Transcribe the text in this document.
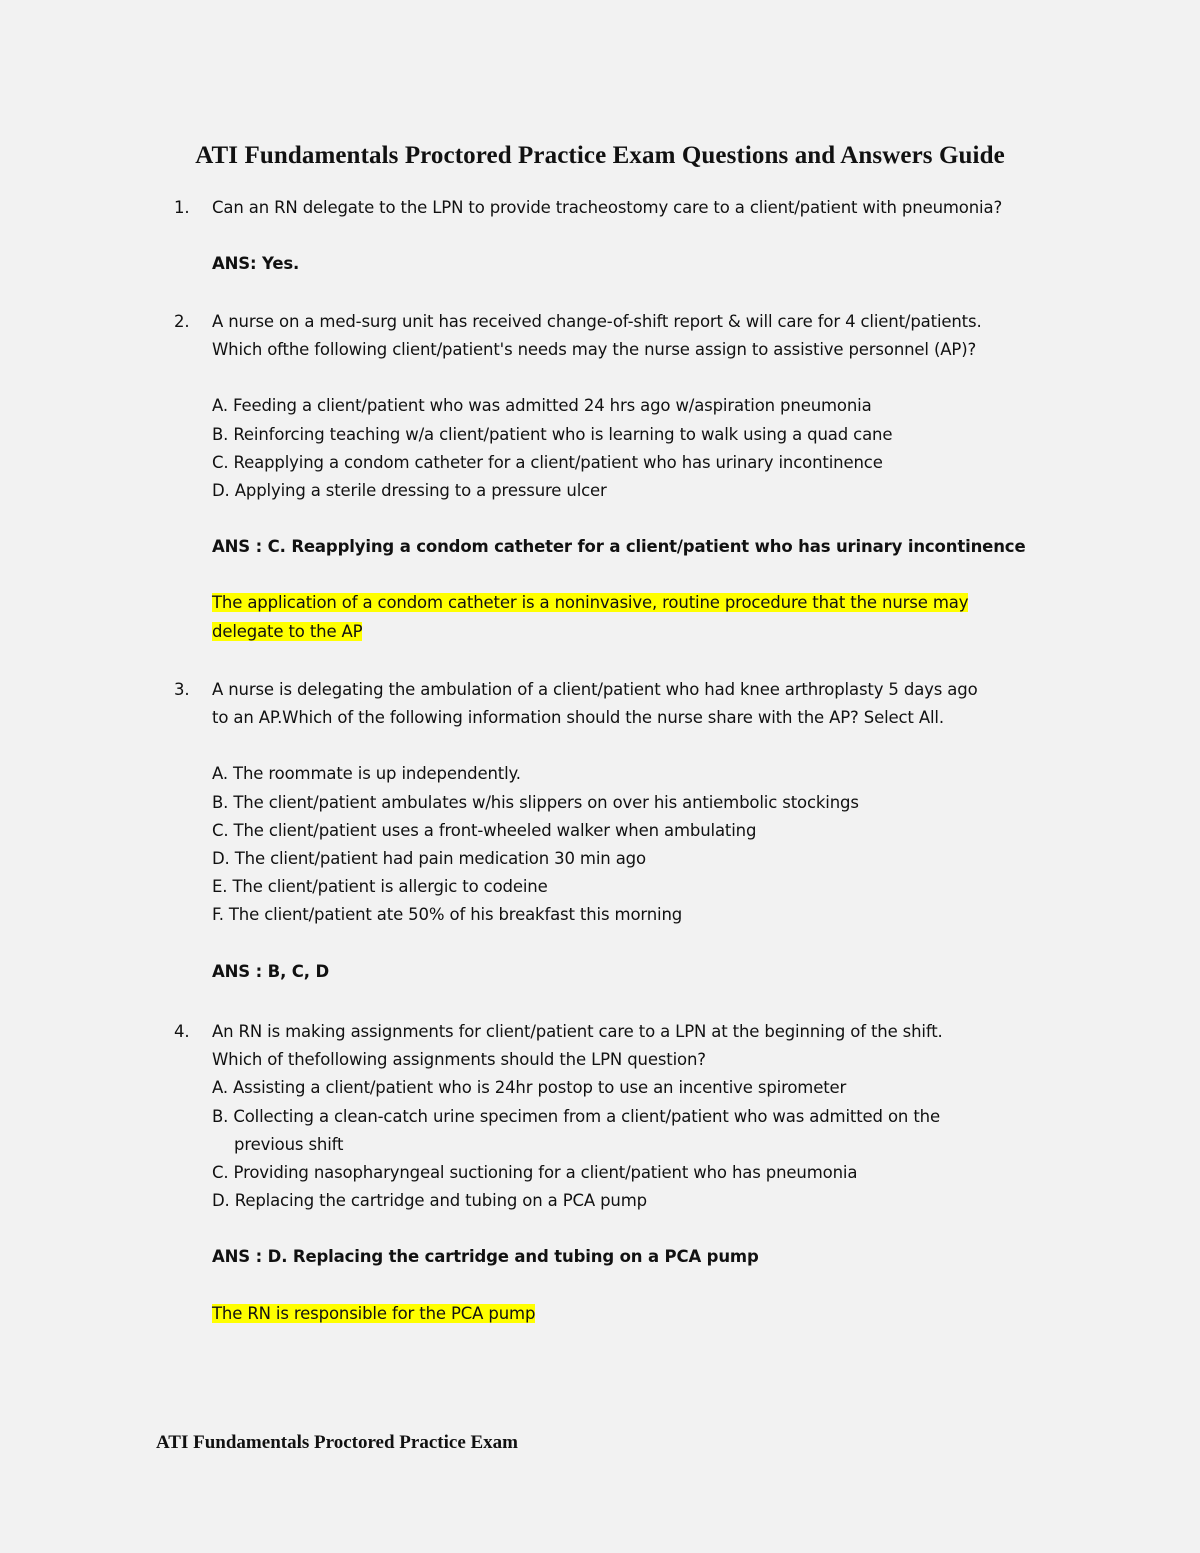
ATI Fundamentals Proctored Practice Exam Questions and Answers Guide
1.	Can an RN delegate to the LPN to provide tracheostomy care to a client/patient with pneumonia?
ANS: Yes.
2.	A nurse on a med-surg unit has received change-of-shift report & will care for 4 client/patients.
Which ofthe following client/patient's needs may the nurse assign to assistive personnel (AP)?
A. Feeding a client/patient who was admitted 24 hrs ago w/aspiration pneumonia
B. Reinforcing teaching w/a client/patient who is learning to walk using a quad cane
C. Reapplying a condom catheter for a client/patient who has urinary incontinence
D. Applying a sterile dressing to a pressure ulcer
ANS : C. Reapplying a condom catheter for a client/patient who has urinary incontinence
The application of a condom catheter is a noninvasive, routine procedure that the nurse may
delegate to the AP
3.	A nurse is delegating the ambulation of a client/patient who had knee arthroplasty 5 days ago
to an AP.Which of the following information should the nurse share with the AP? Select All.
A. The roommate is up independently.
B. The client/patient ambulates w/his slippers on over his antiembolic stockings
C. The client/patient uses a front-wheeled walker when ambulating
D. The client/patient had pain medication 30 min ago
E. The client/patient is allergic to codeine
F. The client/patient ate 50% of his breakfast this morning
ANS : B, C, D
4.	An RN is making assignments for client/patient care to a LPN at the beginning of the shift.
Which of thefollowing assignments should the LPN question?
A. Assisting a client/patient who is 24hr postop to use an incentive spirometer
B. Collecting a clean-catch urine specimen from a client/patient who was admitted on the
previous shift
C. Providing nasopharyngeal suctioning for a client/patient who has pneumonia
D. Replacing the cartridge and tubing on a PCA pump
ANS : D. Replacing the cartridge and tubing on a PCA pump
The RN is responsible for the PCA pump
ATI Fundamentals Proctored Practice Exam
